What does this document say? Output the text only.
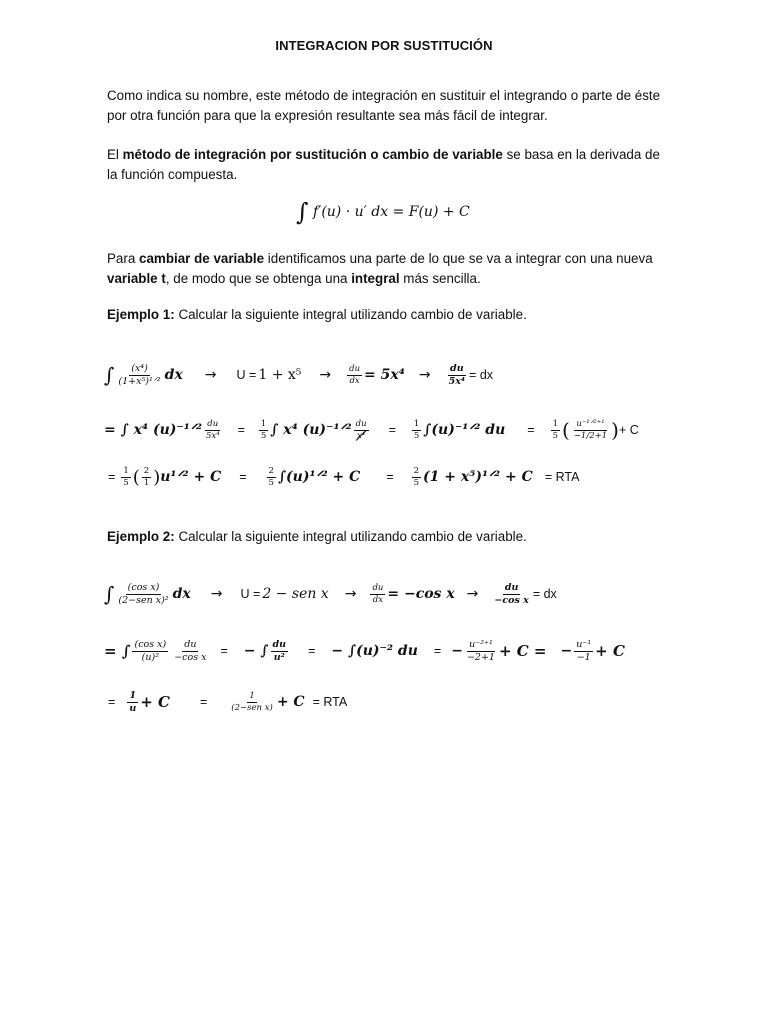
INTEGRACION POR SUSTITUCIÓN
Como indica su nombre, este método de integración en sustituir el integrando o parte de éste por otra función para que la expresión resultante sea más fácil de integrar.
El método de integración por sustitución o cambio de variable se basa en la derivada de la función compuesta.
∫ f′(u) · u′ dx = F(u) + C
Para cambiar de variable identificamos una parte de lo que se va a integrar con una nueva variable t, de modo que se obtenga una integral más sencilla.
Ejemplo 1: Calcular la siguiente integral utilizando cambio de variable.
∫ $\frac{\text{(x⁴)}}{\text{(1+x⁵)¹ᐟ²}}$ dx → $U = 1 + x^5 \to \frac{du}{dx} = 5x^4 \to \frac{du}{\text{5x⁴}}$ = dx
= ∫ x⁴ (u)⁻¹ᐟ² $\frac{du}{\text{5x⁴}} = \frac{1}{5}$ ∫ x⁴ (u)⁻¹ᐟ² $\frac{du}{\text{x⁴}} = \frac{1}{5}$ ∫(u)⁻¹ᐟ² du = $\frac{1}{5}$ ( $\frac{\text{u⁻¹ᐟ²⁺¹}}{-1/2+1}$ ) + C
= $\frac{1}{5}$ ( $\frac{2}{1}$ ) u¹ᐟ² + $C = \frac{2}{5}$ ∫(u)¹ᐟ² + $C = \frac{2}{5} (1$ + x⁵)¹ᐟ² + C = RTA
Ejemplo 2: Calcular la siguiente integral utilizando cambio de variable.
∫ $\frac{\text{(cos x)}}{\text{(2−sen x)²}}$ dx → U = 2 − sen $x \to \frac{du}{dx} = -\cos$ $x \to \frac{du}{\text{−cos x}}$ = dx
= ∫ $\frac{\text{(cos x)}}{\text{(u)²}} \frac{du}{\text{−cos x}}$ = − ∫ $\frac{du}{\text{u²}}$ = − ∫(u)⁻² du = − $\frac{\text{u⁻²⁺¹}}{-2+1} + C$ = − $\frac{\text{u⁻¹}}{-1} + C$
= $\frac{1}{u} + C$ =	$\frac{1}{\text{(2−sen x)}} + C$ = RTA
